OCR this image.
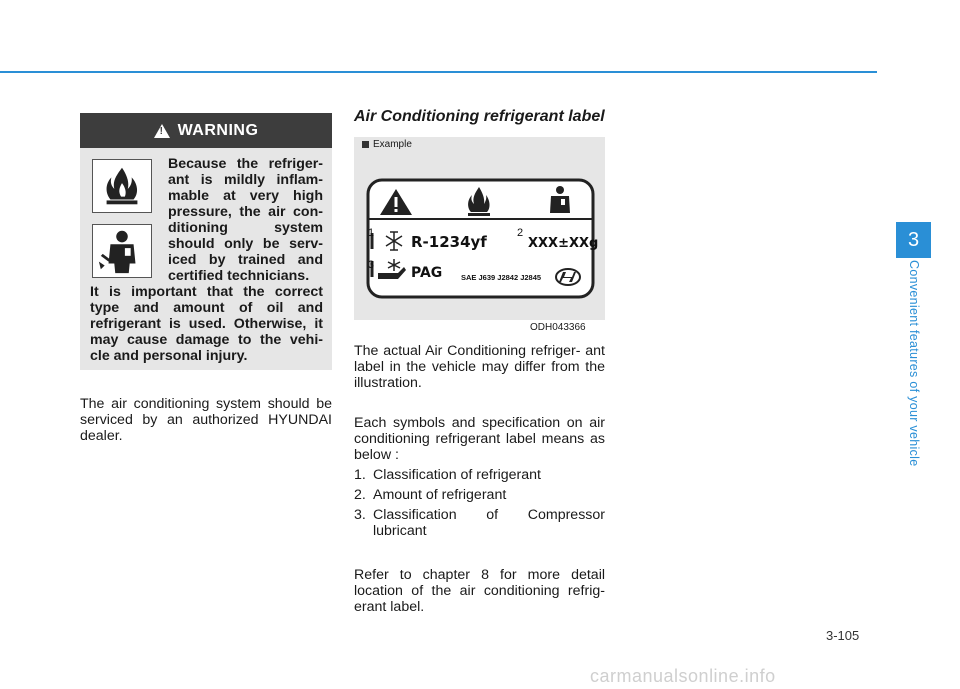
!
WARNING
Because the refriger- ant is mildly inflam- mable at very high pressure, the air con- ditioning system should only be serv- iced by trained and certified technicians.
It is important that the correct type and amount of oil and refrigerant is used. Otherwise, it may cause damage to the vehi- cle and personal injury.
The air conditioning system should be serviced by an authorized HYUNDAI dealer.
Air Conditioning refrigerant label
Example
R-1234yf	XXX±XXg
PAG SAE J639 J2842 J2845
1	2
3
ODH043366
The actual Air Conditioning refriger- ant label in the vehicle may differ from the illustration.
Each symbols and specification on air conditioning refrigerant label means as below :
1. Classification of refrigerant
2. Amount of refrigerant
3. Classification of Compressor lubricant
Refer to chapter 8 for more detail location of the air conditioning refrig- erant label.
3
Convenient features of your vehicle
3-105
carmanualsonline.info
